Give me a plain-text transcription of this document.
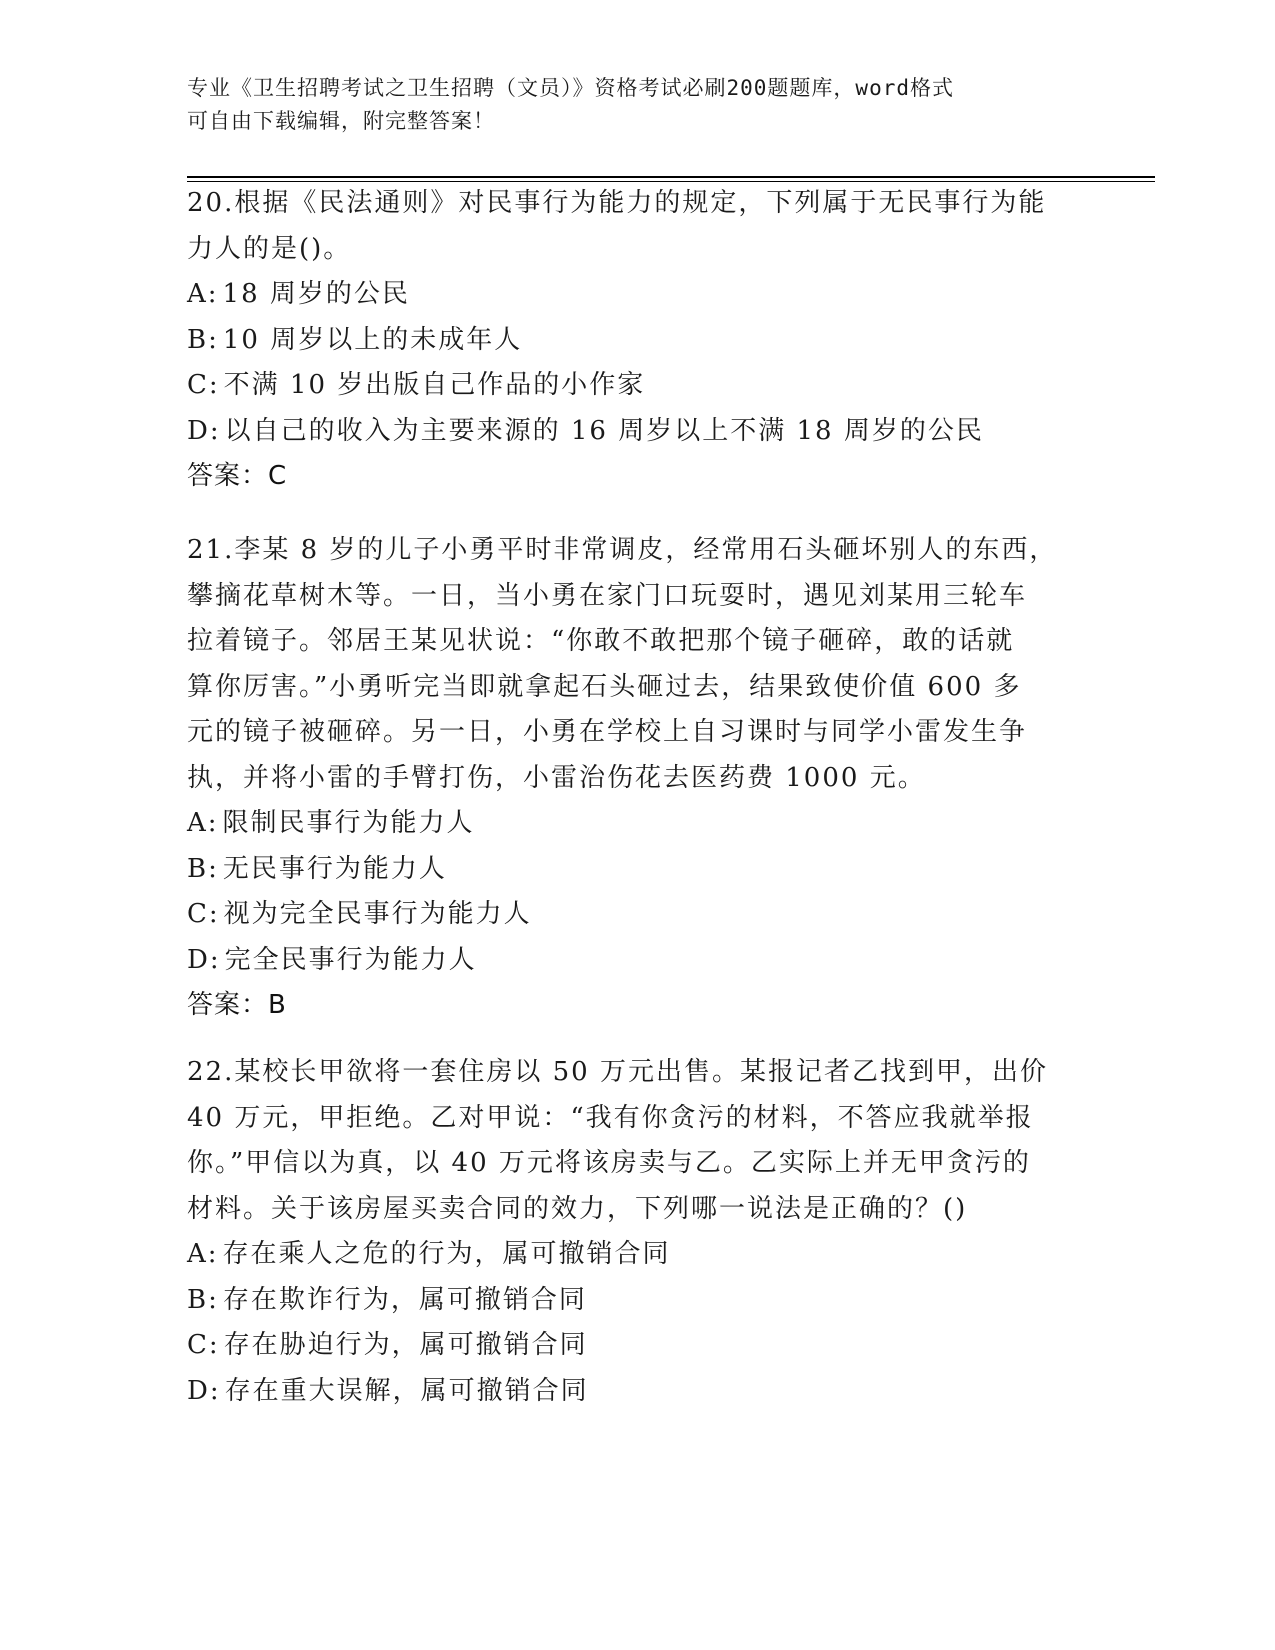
专业《卫生招聘考试之卫生招聘（文员）》资格考试必刷200题题库，word格式
可自由下载编辑，附完整答案！

20.根据《民法通则》对民事行为能力的规定，下列属于无民事行为能

力人的是()。

A: 18 周岁的公民

B: 10 周岁以上的未成年人

C: 不满 10 岁出版自己作品的小作家

D: 以自己的收入为主要来源的 16 周岁以上不满 18 周岁的公民

答案：C

21.李某 8 岁的儿子小勇平时非常调皮，经常用石头砸坏别人的东西，

攀摘花草树木等。一日，当小勇在家门口玩耍时，遇见刘某用三轮车

拉着镜子。邻居王某见状说：“你敢不敢把那个镜子砸碎，敢的话就

算你厉害。”小勇听完当即就拿起石头砸过去，结果致使价值 600 多

元的镜子被砸碎。另一日，小勇在学校上自习课时与同学小雷发生争

执，并将小雷的手臂打伤，小雷治伤花去医药费 1000 元。

A: 限制民事行为能力人

B: 无民事行为能力人

C: 视为完全民事行为能力人

D: 完全民事行为能力人

答案：B

22.某校长甲欲将一套住房以 50 万元出售。某报记者乙找到甲，出价

40 万元，甲拒绝。乙对甲说：“我有你贪污的材料，不答应我就举报

你。”甲信以为真，以 40 万元将该房卖与乙。乙实际上并无甲贪污的

材料。关于该房屋买卖合同的效力，下列哪一说法是正确的？()

A: 存在乘人之危的行为，属可撤销合同

B: 存在欺诈行为，属可撤销合同

C: 存在胁迫行为，属可撤销合同

D: 存在重大误解，属可撤销合同
